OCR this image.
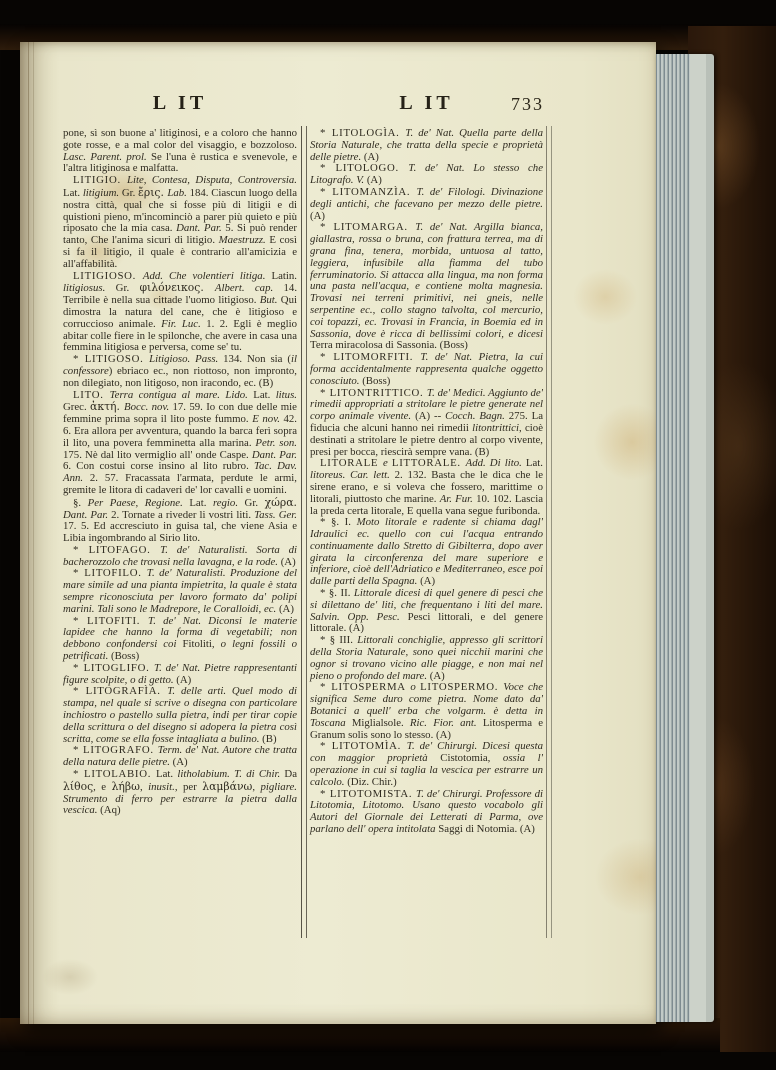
L IT	L IT	733

pone, sì son buone a' litiginosi, e a coloro che hanno gote rosse, e a mal color del visaggio, e bozzoloso. Lasc. Parent. prol. Se l'una è rustica e svenevole, e l'altra litiginosa e malfatta.

LITIGIO. Lite, Contesa, Disputa, Controversia. Lat. litigium. Gr. ἔρις. Lab. 184. Ciascun luogo della nostra città, qual che si fosse più di litigii e di quistioni pieno, m'incominciò a parer più quieto e più riposato che la mia casa. Dant. Par. 5. Si può render tanto, Che l'anima sicuri di litigio. Maestruzz. E così si fa il litigio, il quale è contrario all'amicizia e all'affabilità.

LITIGIOSO. Add. Che volentieri litiga. Latin. litigiosus. Gr. φιλόνεικος. Albert. cap. 14. Terribile è nella sua cittade l'uomo litigioso. But. Qui dimostra la natura del cane, che è litigioso e corruccioso animale. Fir. Luc. 1. 2. Egli è meglio abitar colle fiere in le spilonche, che avere in casa una femmina litigiosa e perversa, come se' tu.

* LITIGOSO. Litigioso. Pass. 134. Non sia (il confessore) ebriaco ec., non riottoso, non impronto, non dilegiato, non litigoso, non iracondo, ec. (B)

LITO. Terra contigua al mare. Lido. Lat. litus. Grec. ἀκτή. Bocc. nov. 17. 59. Io con due delle mie femmine prima sopra il lito poste fummo. E nov. 42. 6. Era allora per avventura, quando la barca ferì sopra il lito, una povera femminetta alla marina. Petr. son. 175. Nè dal lito vermiglio all' onde Caspe. Dant. Par. 6. Con costui corse insino al lito rubro. Tac. Dav. Ann. 2. 57. Fracassata l'armata, perdute le armi, gremite le litora di cadaveri de' lor cavalli e uomini.

§. Per Paese, Regione. Lat. regio. Gr. χώρα. Dant. Par. 2. Tornate a riveder li vostri liti. Tass. Ger. 17. 5. Ed accresciuto in guisa tal, che viene Asia e Libia ingombrando al Sirio lito.

* LITOFAGO. T. de' Naturalisti. Sorta di bacherozzolo che trovasi nella lavagna, e la rode. (A)

* LITOFILO. T. de' Naturalisti. Produzione del mare simile ad una pianta impietrita, la quale è stata sempre riconosciuta per lavoro formato da' polipi marini. Tali sono le Madrepore, le Coralloidi, ec. (A)

* LITOFITI. T. de' Nat. Diconsi le materie lapidee che hanno la forma di vegetabili; non debbono confondersi coi Fitoliti, o legni fossili o petrificati. (Boss)

* LITOGLIFO. T. de' Nat. Pietre rappresentanti figure scolpite, o di getto. (A)

* LITOGRAFÌA. T. delle arti. Quel modo di stampa, nel quale si scrive o disegna con particolare inchiostro o pastello sulla pietra, indi per tirar copie della scrittura o del disegno si adopera la pietra così scritta, come se ella fosse intagliata a bulino. (B)

* LITOGRAFO. Term. de' Nat. Autore che tratta della natura delle pietre. (A)

* LITOLABIO. Lat. litholabium. T. di Chir. Da λίθος, e λήβω, inusit., per λαμβάνω, pigliare. Strumento di ferro per estrarre la pietra dalla vescica. (Aq)

* LITOLOGÌA. T. de' Nat. Quella parte della Storia Naturale, che tratta della specie e proprietà delle pietre. (A)

* LITOLOGO. T. de' Nat. Lo stesso che Litografo. V. (A)

* LITOMANZÌA. T. de' Filologi. Divinazione degli antichi, che facevano per mezzo delle pietre. (A)

* LITOMARGA. T. de' Nat. Argilla bianca, giallastra, rossa o bruna, con frattura terrea, ma di grana fina, tenera, morbida, untuosa al tatto, leggiera, infusibile alla fiamma del tubo ferruminatorio. Si attacca alla lingua, ma non forma una pasta nell'acqua, e contiene molta magnesia. Trovasi nei terreni primitivi, nei gneis, nelle serpentine ec., collo stagno talvolta, col mercurio, coi topazzi, ec. Trovasi in Francia, in Boemia ed in Sassonia, dove è ricca di bellissimi colori, e dicesi Terra miracolosa di Sassonia. (Boss)

* LITOMORFITI. T. de' Nat. Pietra, la cui forma accidentalmente rappresenta qualche oggetto conosciuto. (Boss)

* LITONTRITTICO. T. de' Medici. Aggiunto de' rimedii appropriati a stritolare le pietre generate nel corpo animale vivente. (A) -- Cocch. Bagn. 275. La fiducia che alcuni hanno nei rimedii litontrittici, cioè destinati a stritolare le pietre dentro al corpo vivente, presi per bocca, riescirà sempre vana. (B)

LITORALE e LITTORALE. Add. Di lito. Lat. litoreus. Car. lett. 2. 132. Basta che le dica che le sirene erano, e si voleva che fossero, marittime o litorali, piuttosto che marine. Ar. Fur. 10. 102. Lascia la preda certa litorale, E quella vana segue furibonda.

* §. I. Moto litorale e radente si chiama dagl' Idraulici ec. quello con cui l'acqua entrando continuamente dallo Stretto di Gibilterra, dopo aver girata la circonferenza del mare superiore e inferiore, cioè dell'Adriatico e Mediterraneo, esce poi dalle parti della Spagna. (A)

* §. II. Littorale dicesi di quel genere di pesci che si dilettano de' liti, che frequentano i liti del mare. Salvin. Opp. Pesc. Pesci littorali, e del genere littorale. (A)

* § III. Littorali conchiglie, appresso gli scrittori della Storia Naturale, sono quei nicchii marini che ognor si trovano vicino alle piagge, e non mai nel pieno o profondo del mare. (A)

* LITOSPERMA o LITOSPERMO. Voce che significa Seme duro come pietra. Nome dato da' Botanici a quell' erba che volgarm. è detta in Toscana Miglialsole. Ric. Fior. ant. Litosperma e Granum solis sono lo stesso. (A)

* LITOTOMÌA. T. de' Chirurgi. Dicesi questa con maggior proprietà Cistotomia, ossia l' operazione in cui si taglia la vescica per estrarre un calcolo. (Diz. Chir.)

* LITOTOMISTA. T. de' Chirurgi. Professore di Litotomia, Litotomo. Usano questo vocabolo gli Autori del Giornale dei Letterati di Parma, ove parlano dell' opera intitolata Saggi di Notomia. (A)
